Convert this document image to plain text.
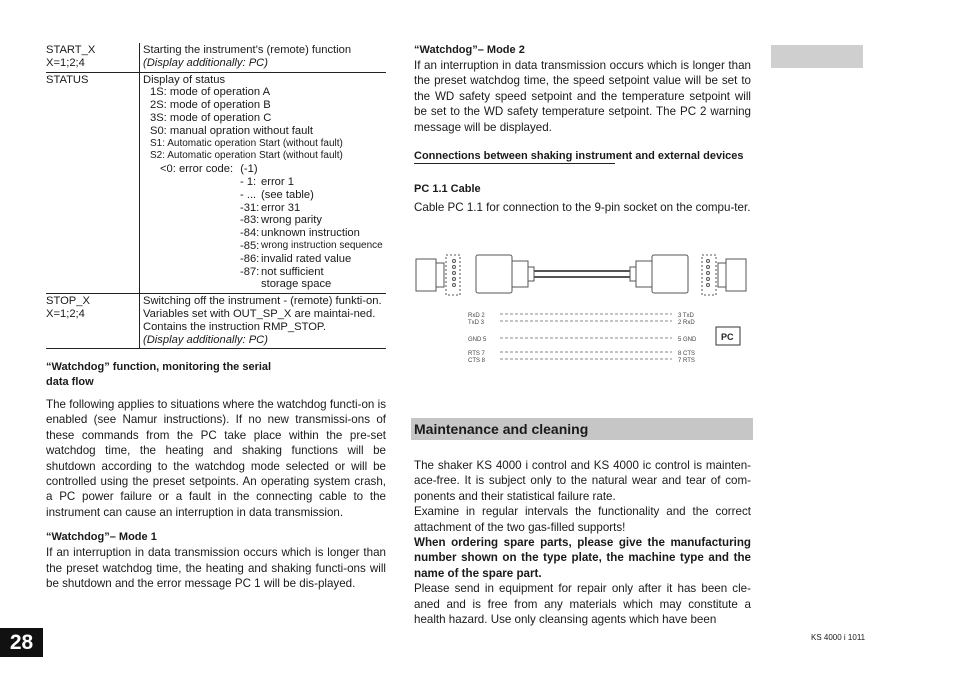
START_X
X=1;2;4
Starting the instrument’s (remote) function
(Display additionally: PC)
STATUS	Display of status
1S: mode of operation A
2S: mode of operation B
3S: mode of operation C
S0: manual opration without fault
S1: Automatic operation Start (without fault)
S2: Automatic operation Start (without fault)
<0: error code: (-1)
- 1: error 1
- ... (see table)
-31: error 31
-83: wrong parity
-84: unknown instruction
-85: wrong instruction sequence
-86: invalid rated value
-87: not sufficient
storage space
STOP_X
X=1;2;4
Switching off the instrument - (remote) funkti-on. Variables set with OUT_SP_X are maintai-ned. Contains the instruction RMP_STOP.
(Display additionally: PC)
“Watchdog” function, monitoring the serial
data flow
The following applies to situations where the watchdog functi-on is enabled (see Namur instructions). If no new transmissi-ons of these commands from the PC take place within the pre-set watchdog time, the heating and shaking functions will be shutdown according to the watchdog mode selected or will be controlled using the preset setpoints. An operating system crash, a PC power failure or a fault in the connecting cable to the instrument can cause an interruption in data transmission.
“Watchdog”– Mode 1
If an interruption in data transmission occurs which is longer than the preset watchdog time, the heating and shaking functi-ons will be shutdown and the error message PC 1 will be dis-played.
“Watchdog”– Mode 2
If an interruption in data transmission occurs which is longer than the preset watchdog time, the speed setpoint value will be set to the WD safety speed setpoint and the temperature setpoint will be set to the WD safety temperature setpoint. The PC 2 warning message will be displayed.
Connections between shaking instrument and external devices
PC 1.1 Cable
Cable PC 1.1 for connection to the 9-pin socket on the compu-ter.
RxD 2
TxD 3
GND 5
RTS 7
CTS 8
3 TxD
2 RxD
5 GND
8 CTS
7 RTS
PC
Maintenance and cleaning
The shaker KS 4000 i control and KS 4000 ic control is mainten-ace-free. It is subject only to the natural wear and tear of com-ponents and their statistical failure rate.
Examine in regular intervals the functionality and the correct attachment of the two gas-filled supports!
When ordering spare parts, please give the manufacturing number shown on the type plate, the machine type and the name of the spare part.
Please send in equipment for repair only after it has been cle-aned and is free from any materials which may constitute a health hazard. Use only cleansing agents which have been
28	KS 4000 i 1011
